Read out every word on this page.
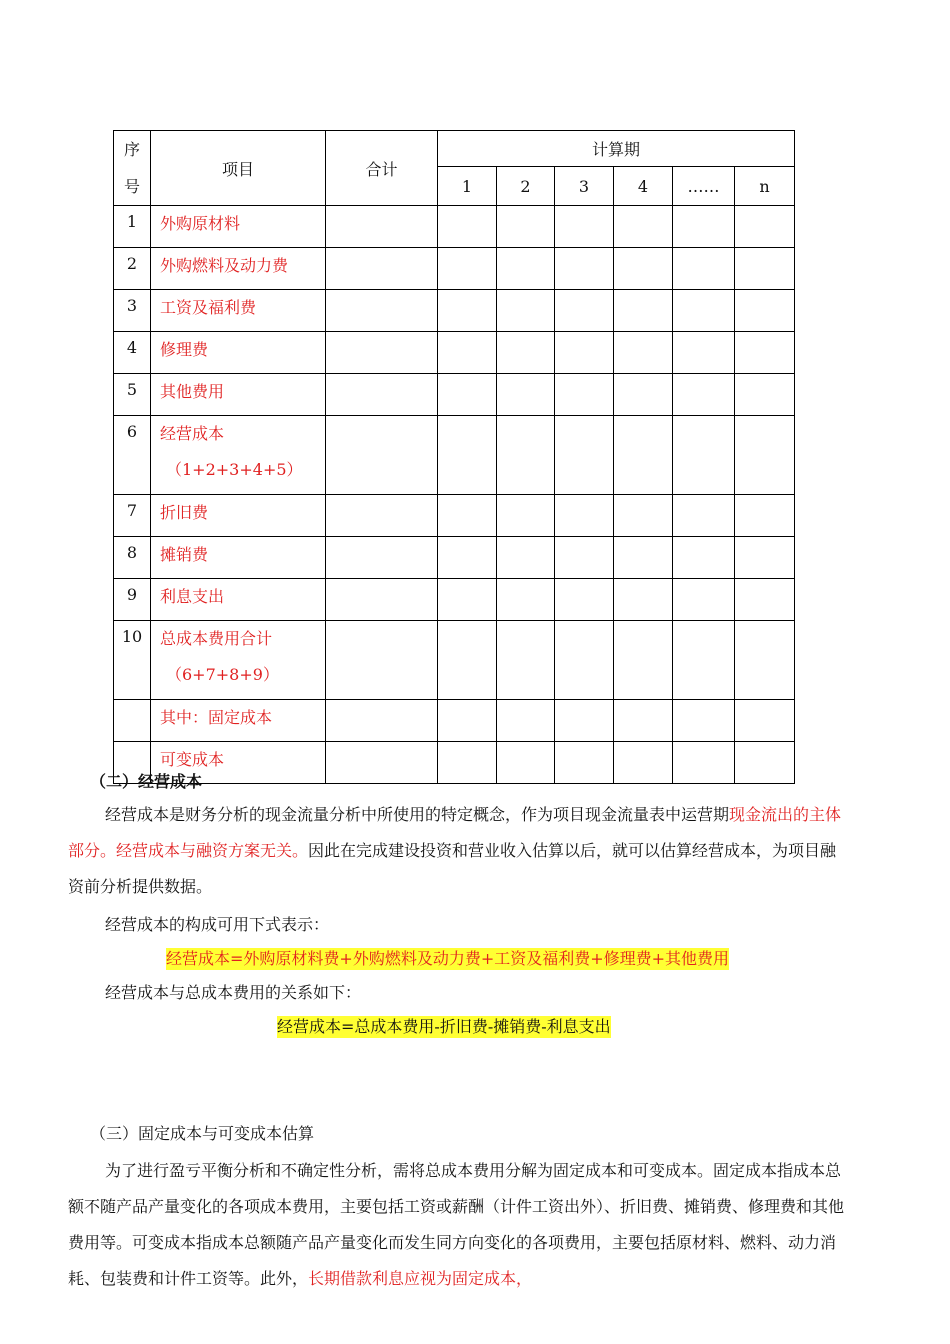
序号	项目	合计	计算期					
			1	2	3	4	……	n
1	外购原材料							
2	外购燃料及动力费							
3	工资及福利费							
4	修理费							
5	其他费用							
6	经营成本
（1+2+3+4+5）							

7	折旧费							
8	摊销费							
9	利息支出							
10	总成本费用合计
（6+7+8+9）							

	其中：固定成本							
	可变成本							
（二）经营成本
经营成本是财务分析的现金流量分析中所使用的特定概念，作为项目现金流量表中运营期现金流出的主体部分。经营成本与融资方案无关。因此在完成建设投资和营业收入估算以后，就可以估算经营成本，为项目融资前分析提供数据。
经营成本的构成可用下式表示：
经营成本=外购原材料费+外购燃料及动力费+工资及福利费+修理费+其他费用
经营成本与总成本费用的关系如下：
经营成本=总成本费用-折旧费-摊销费-利息支出
（三）固定成本与可变成本估算
为了进行盈亏平衡分析和不确定性分析，需将总成本费用分解为固定成本和可变成本。固定成本指成本总额不随产品产量变化的各项成本费用，主要包括工资或薪酬（计件工资出外）、折旧费、摊销费、修理费和其他费用等。可变成本指成本总额随产品产量变化而发生同方向变化的各项费用，主要包括原材料、燃料、动力消耗、包装费和计件工资等。此外，长期借款利息应视为固定成本，
